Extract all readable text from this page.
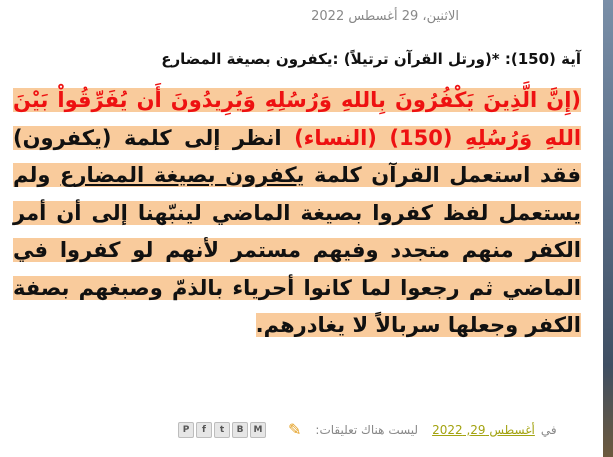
الاثنين، 29 أغسطس 2022
آية (150): *(ورتل القرآن ترتيلاً) :يكفرون بصيغة المضارع
(إِنَّ الَّذِينَ يَكْفُرُونَ بِاللهِ وَرُسُلِهِ وَيُرِيدُونَ أَن يُفَرِّقُواْ بَيْنَ اللهِ وَرُسُلِهِ (150) (النساء) انظر إلى كلمة (يكفرون) فقد استعمل القرآن كلمة يكفرون بصيغة المضارع ولم يستعمل لفظ كفروا بصيغة الماضي لينبّهنا إلى أن أمر الكفر منهم متجدد وفيهم مستمر لأنهم لو كفروا في الماضي ثم رجعوا لما كانوا أحرياء بالذمّ وصبغهم بصفة الكفر وجعلها سربالاً لا يغادرهم.
P	f	t	B	M ✎ ليست هناك تعليقات: أغسطس 29, 2022 في
